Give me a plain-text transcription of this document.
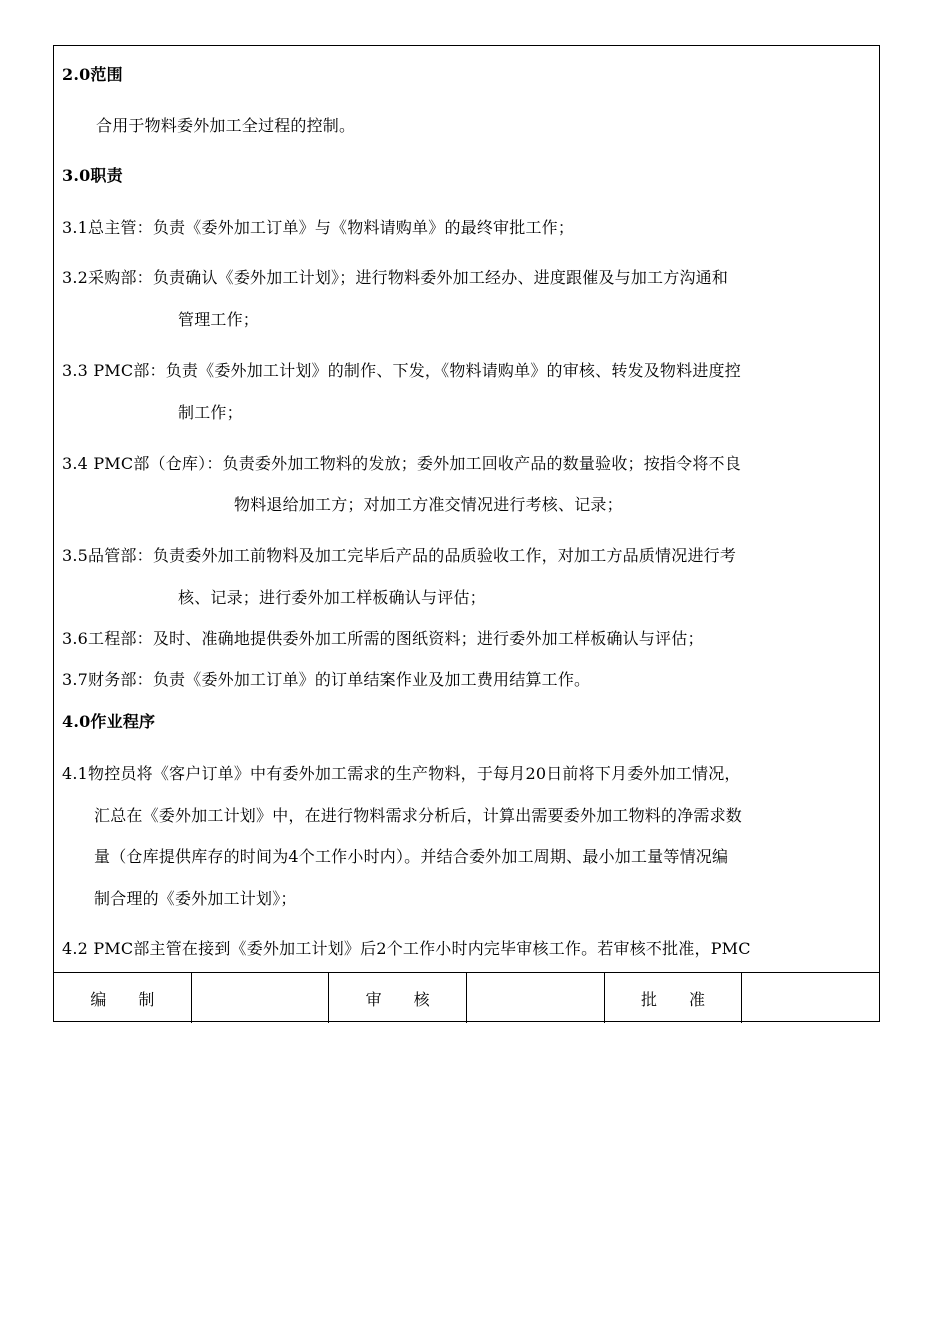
2.0范围
合用于物料委外加工全过程的控制。
3.0职责
3.1总主管：负责《委外加工订单》与《物料请购单》的最终审批工作；
3.2采购部：负责确认《委外加工计划》；进行物料委外加工经办、进度跟催及与加工方沟通和
管理工作；
3.3 PMC部：负责《委外加工计划》的制作、下发，《物料请购单》的审核、转发及物料进度控
制工作；
3.4 PMC部（仓库）：负责委外加工物料的发放；委外加工回收产品的数量验收；按指令将不良
物料退给加工方；对加工方准交情况进行考核、记录；
3.5品管部：负责委外加工前物料及加工完毕后产品的品质验收工作，对加工方品质情况进行考
核、记录；进行委外加工样板确认与评估；
3.6工程部：及时、准确地提供委外加工所需的图纸资料；进行委外加工样板确认与评估；
3.7财务部：负责《委外加工订单》的订单结案作业及加工费用结算工作。
4.0作业程序
4.1物控员将《客户订单》中有委外加工需求的生产物料，于每月20日前将下月委外加工情况，
汇总在《委外加工计划》中，在进行物料需求分析后，计算出需要委外加工物料的净需求数
量（仓库提供库存的时间为4个工作小时内）。并结合委外加工周期、最小加工量等情况编
制合理的《委外加工计划》；
4.2 PMC部主管在接到《委外加工计划》后2个工作小时内完毕审核工作。若审核不批准，PMC
编　　制	审　　核	批　　准
